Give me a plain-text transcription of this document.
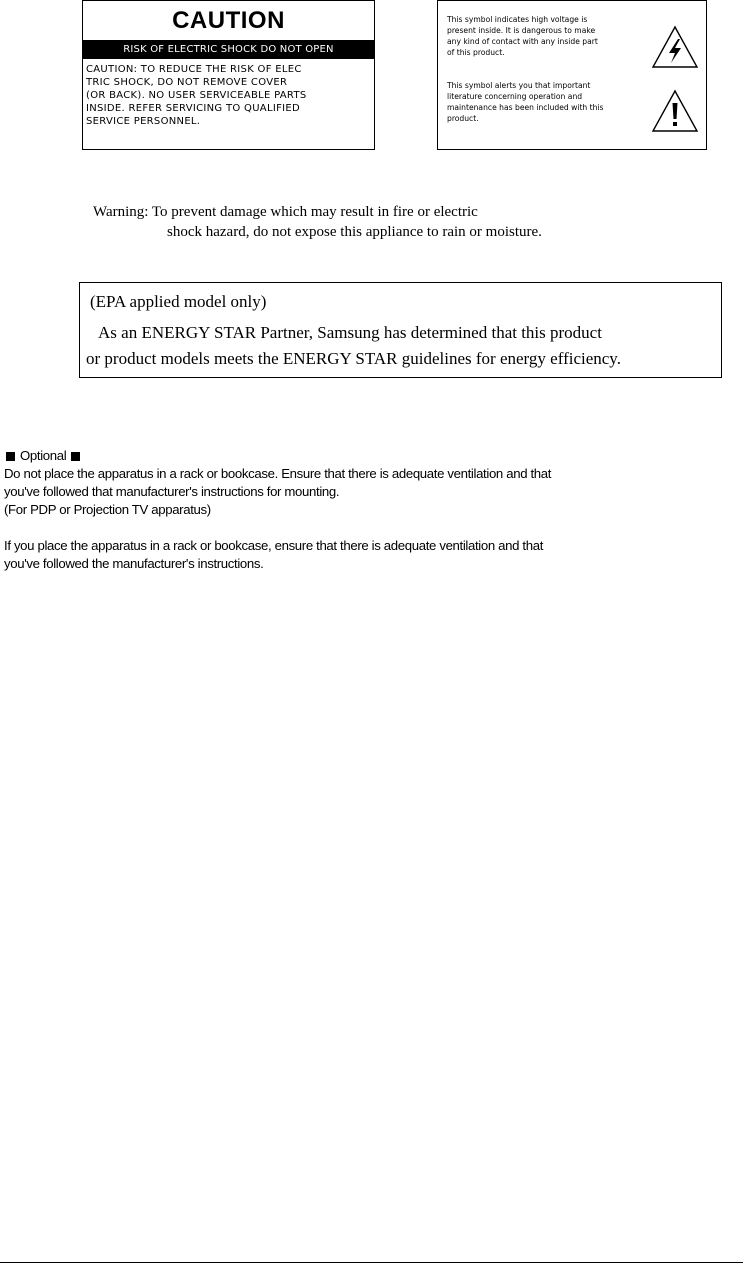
CAUTION
RISK OF ELECTRIC SHOCK DO NOT OPEN
CAUTION: TO REDUCE THE RISK OF ELEC
TRIC SHOCK, DO NOT REMOVE COVER
(OR BACK). NO USER SERVICEABLE PARTS
INSIDE. REFER SERVICING TO QUALIFIED
SERVICE PERSONNEL.
This symbol indicates high voltage is
present inside. It is dangerous to make
any kind of contact with any inside part
of this product.
This symbol alerts you that important
literature concerning operation and
maintenance has been included with this
product.
Warning: To prevent damage which may result in fire or electric
shock hazard, do not expose this appliance to rain or moisture.
(EPA applied model only)
As an ENERGY STAR Partner, Samsung has determined that this product
or product models meets the ENERGY STAR guidelines for energy efficiency.
Optional
Do not place the apparatus in a rack or bookcase. Ensure that there is adequate ventilation and that
you've followed that manufacturer's instructions for mounting.
(For PDP or Projection TV apparatus)
If you place the apparatus in a rack or bookcase, ensure that there is adequate ventilation and that
you've followed the manufacturer's instructions.
